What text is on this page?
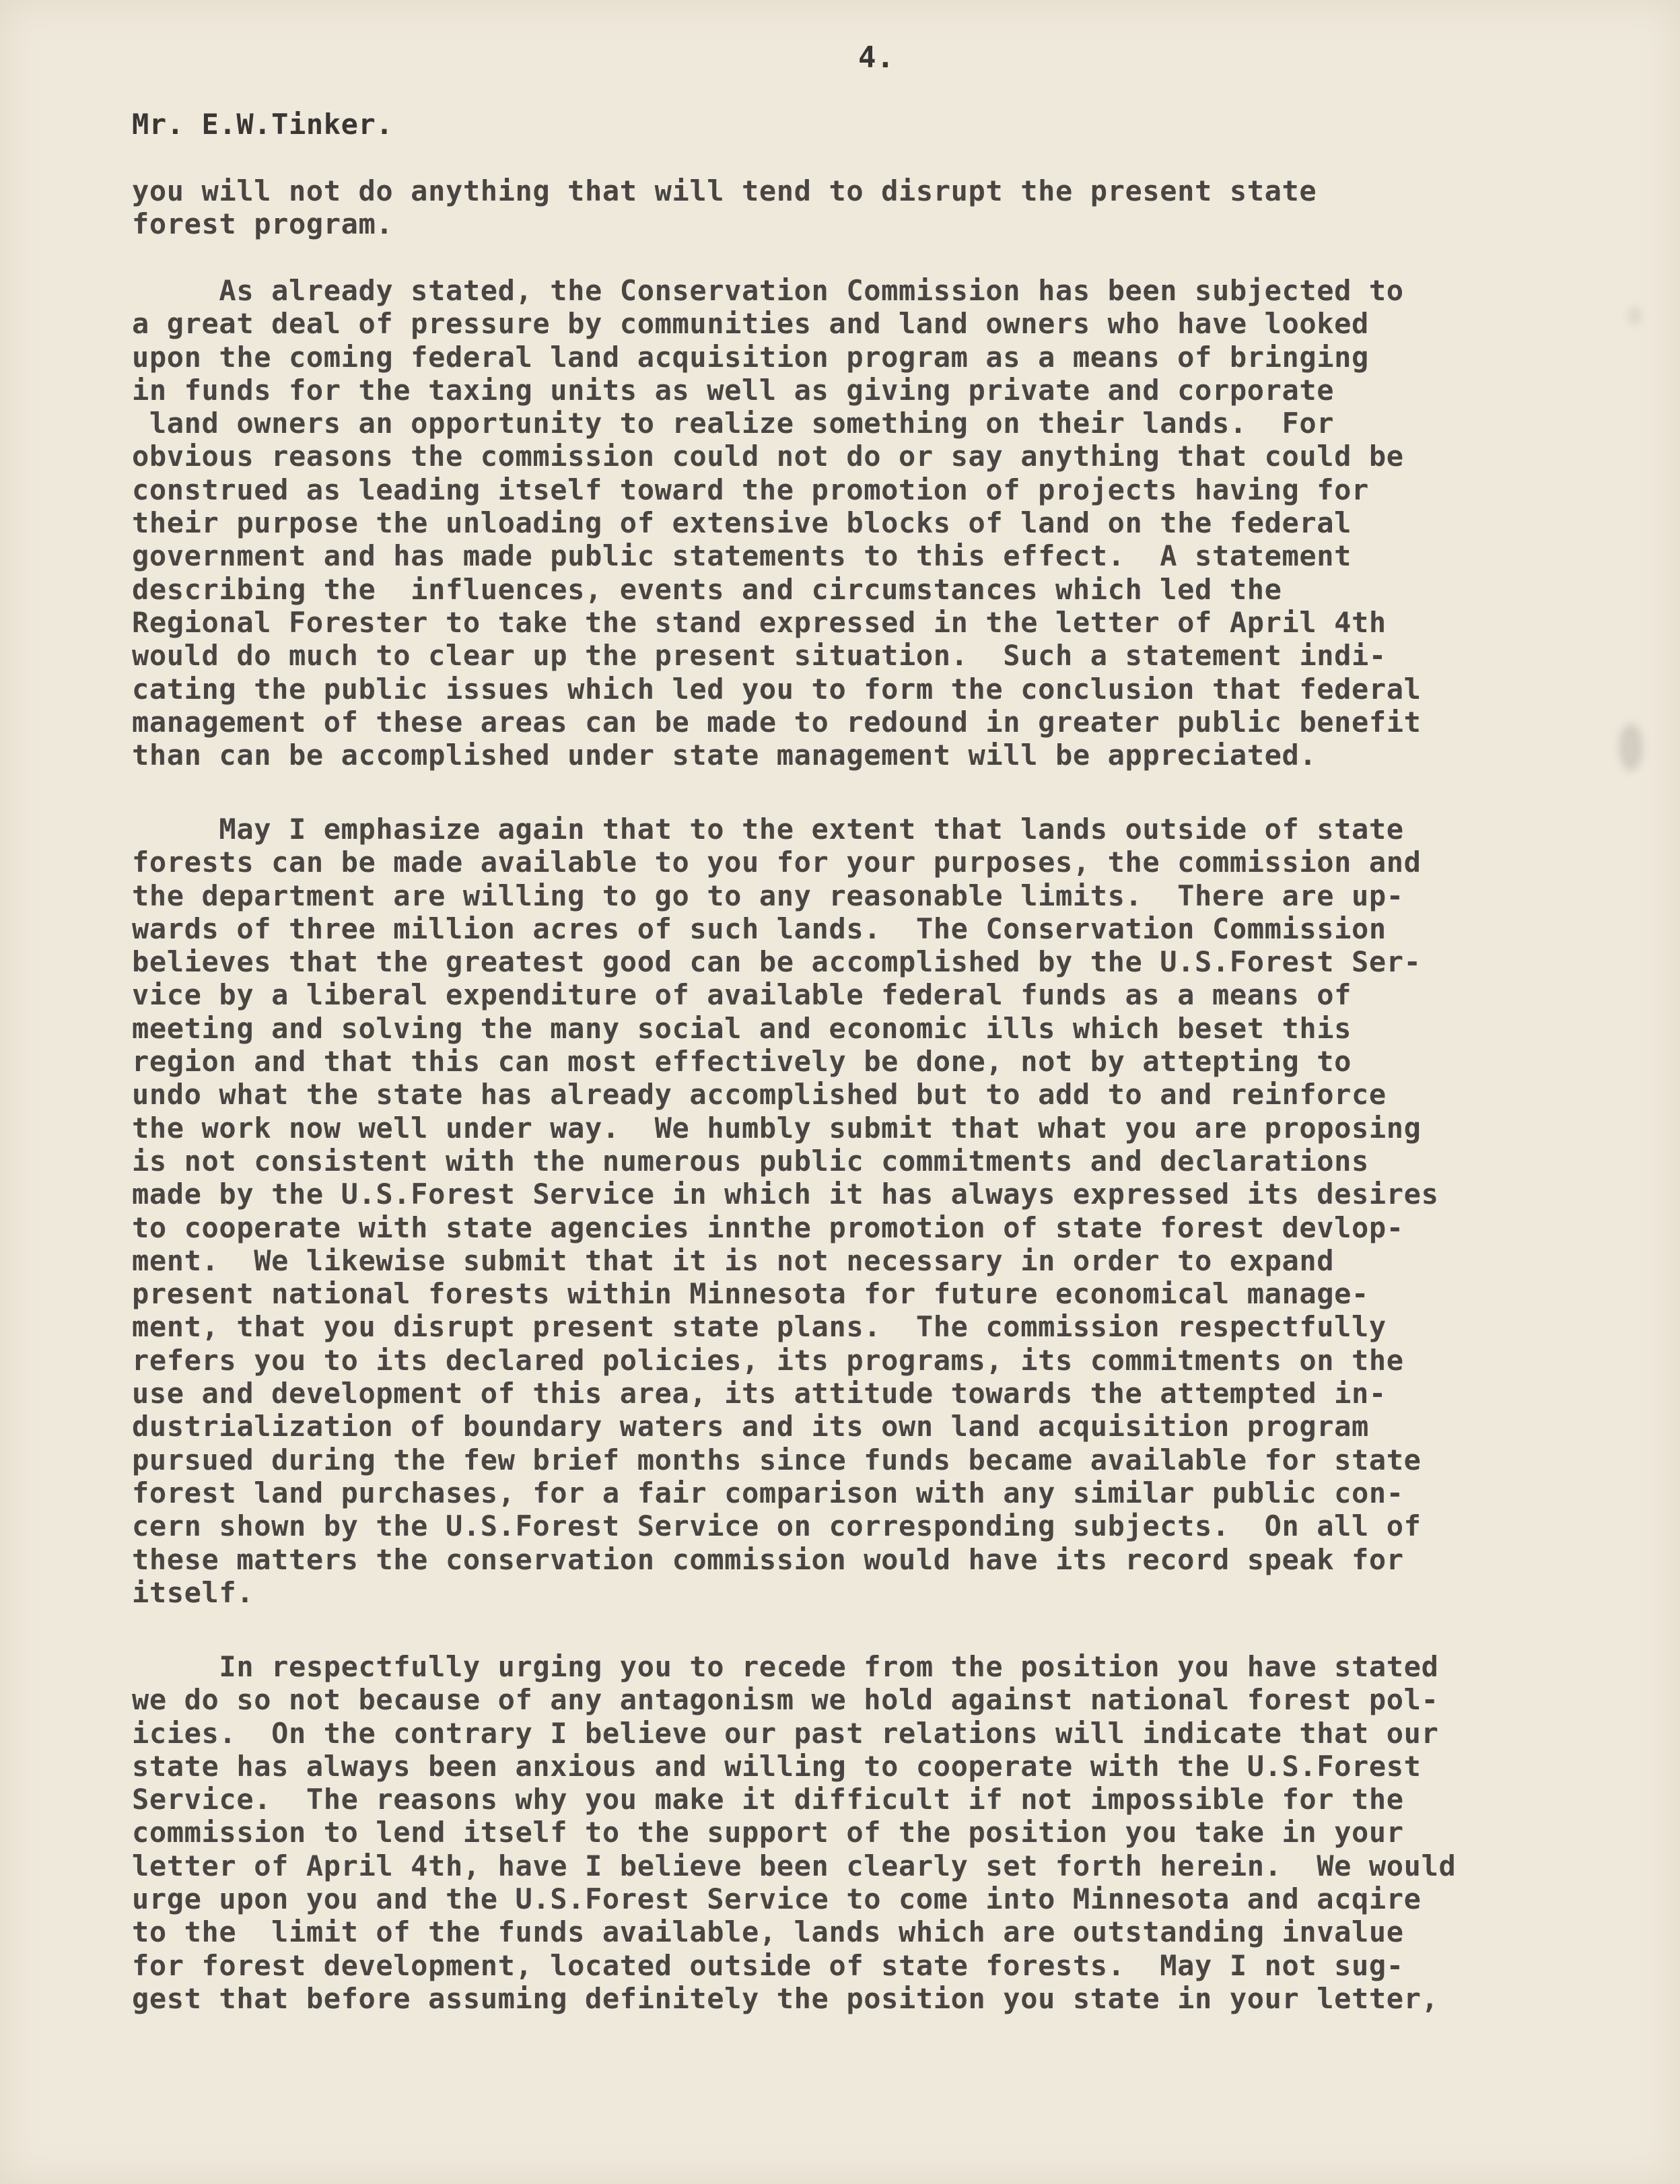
4.
Mr. E.W.Tinker.
you will not do anything that will tend to disrupt the present state
forest program.
As already stated, the Conservation Commission has been subjected to
a great deal of pressure by communities and land owners who have looked
upon the coming federal land acquisition program as a means of bringing
in funds for the taxing units as well as giving private and corporate
land owners an opportunity to realize something on their lands.  For
obvious reasons the commission could not do or say anything that could be
construed as leading itself toward the promotion of projects having for
their purpose the unloading of extensive blocks of land on the federal
government and has made public statements to this effect.  A statement
describing the  influences, events and circumstances which led the
Regional Forester to take the stand expressed in the letter of April 4th
would do much to clear up the present situation.  Such a statement indi-
cating the public issues which led you to form the conclusion that federal
management of these areas can be made to redound in greater public benefit
than can be accomplished under state management will be appreciated.
May I emphasize again that to the extent that lands outside of state
forests can be made available to you for your purposes, the commission and
the department are willing to go to any reasonable limits.  There are up-
wards of three million acres of such lands.  The Conservation Commission
believes that the greatest good can be accomplished by the U.S.Forest Ser-
vice by a liberal expenditure of available federal funds as a means of
meeting and solving the many social and economic ills which beset this
region and that this can most effectively be done, not by attepting to
undo what the state has already accomplished but to add to and reinforce
the work now well under way.  We humbly submit that what you are proposing
is not consistent with the numerous public commitments and declarations
made by the U.S.Forest Service in which it has always expressed its desires
to cooperate with state agencies innthe promotion of state forest devlop-
ment.  We likewise submit that it is not necessary in order to expand
present national forests within Minnesota for future economical manage-
ment, that you disrupt present state plans.  The commission respectfully
refers you to its declared policies, its programs, its commitments on the
use and development of this area, its attitude towards the attempted in-
dustrialization of boundary waters and its own land acquisition program
pursued during the few brief months since funds became available for state
forest land purchases, for a fair comparison with any similar public con-
cern shown by the U.S.Forest Service on corresponding subjects.  On all of
these matters the conservation commission would have its record speak for
itself.
In respectfully urging you to recede from the position you have stated
we do so not because of any antagonism we hold against national forest pol-
icies.  On the contrary I believe our past relations will indicate that our
state has always been anxious and willing to cooperate with the U.S.Forest
Service.  The reasons why you make it difficult if not impossible for the
commission to lend itself to the support of the position you take in your
letter of April 4th, have I believe been clearly set forth herein.  We would
urge upon you and the U.S.Forest Service to come into Minnesota and acqire
to the  limit of the funds available, lands which are outstanding invalue
for forest development, located outside of state forests.  May I not sug-
gest that before assuming definitely the position you state in your letter,
